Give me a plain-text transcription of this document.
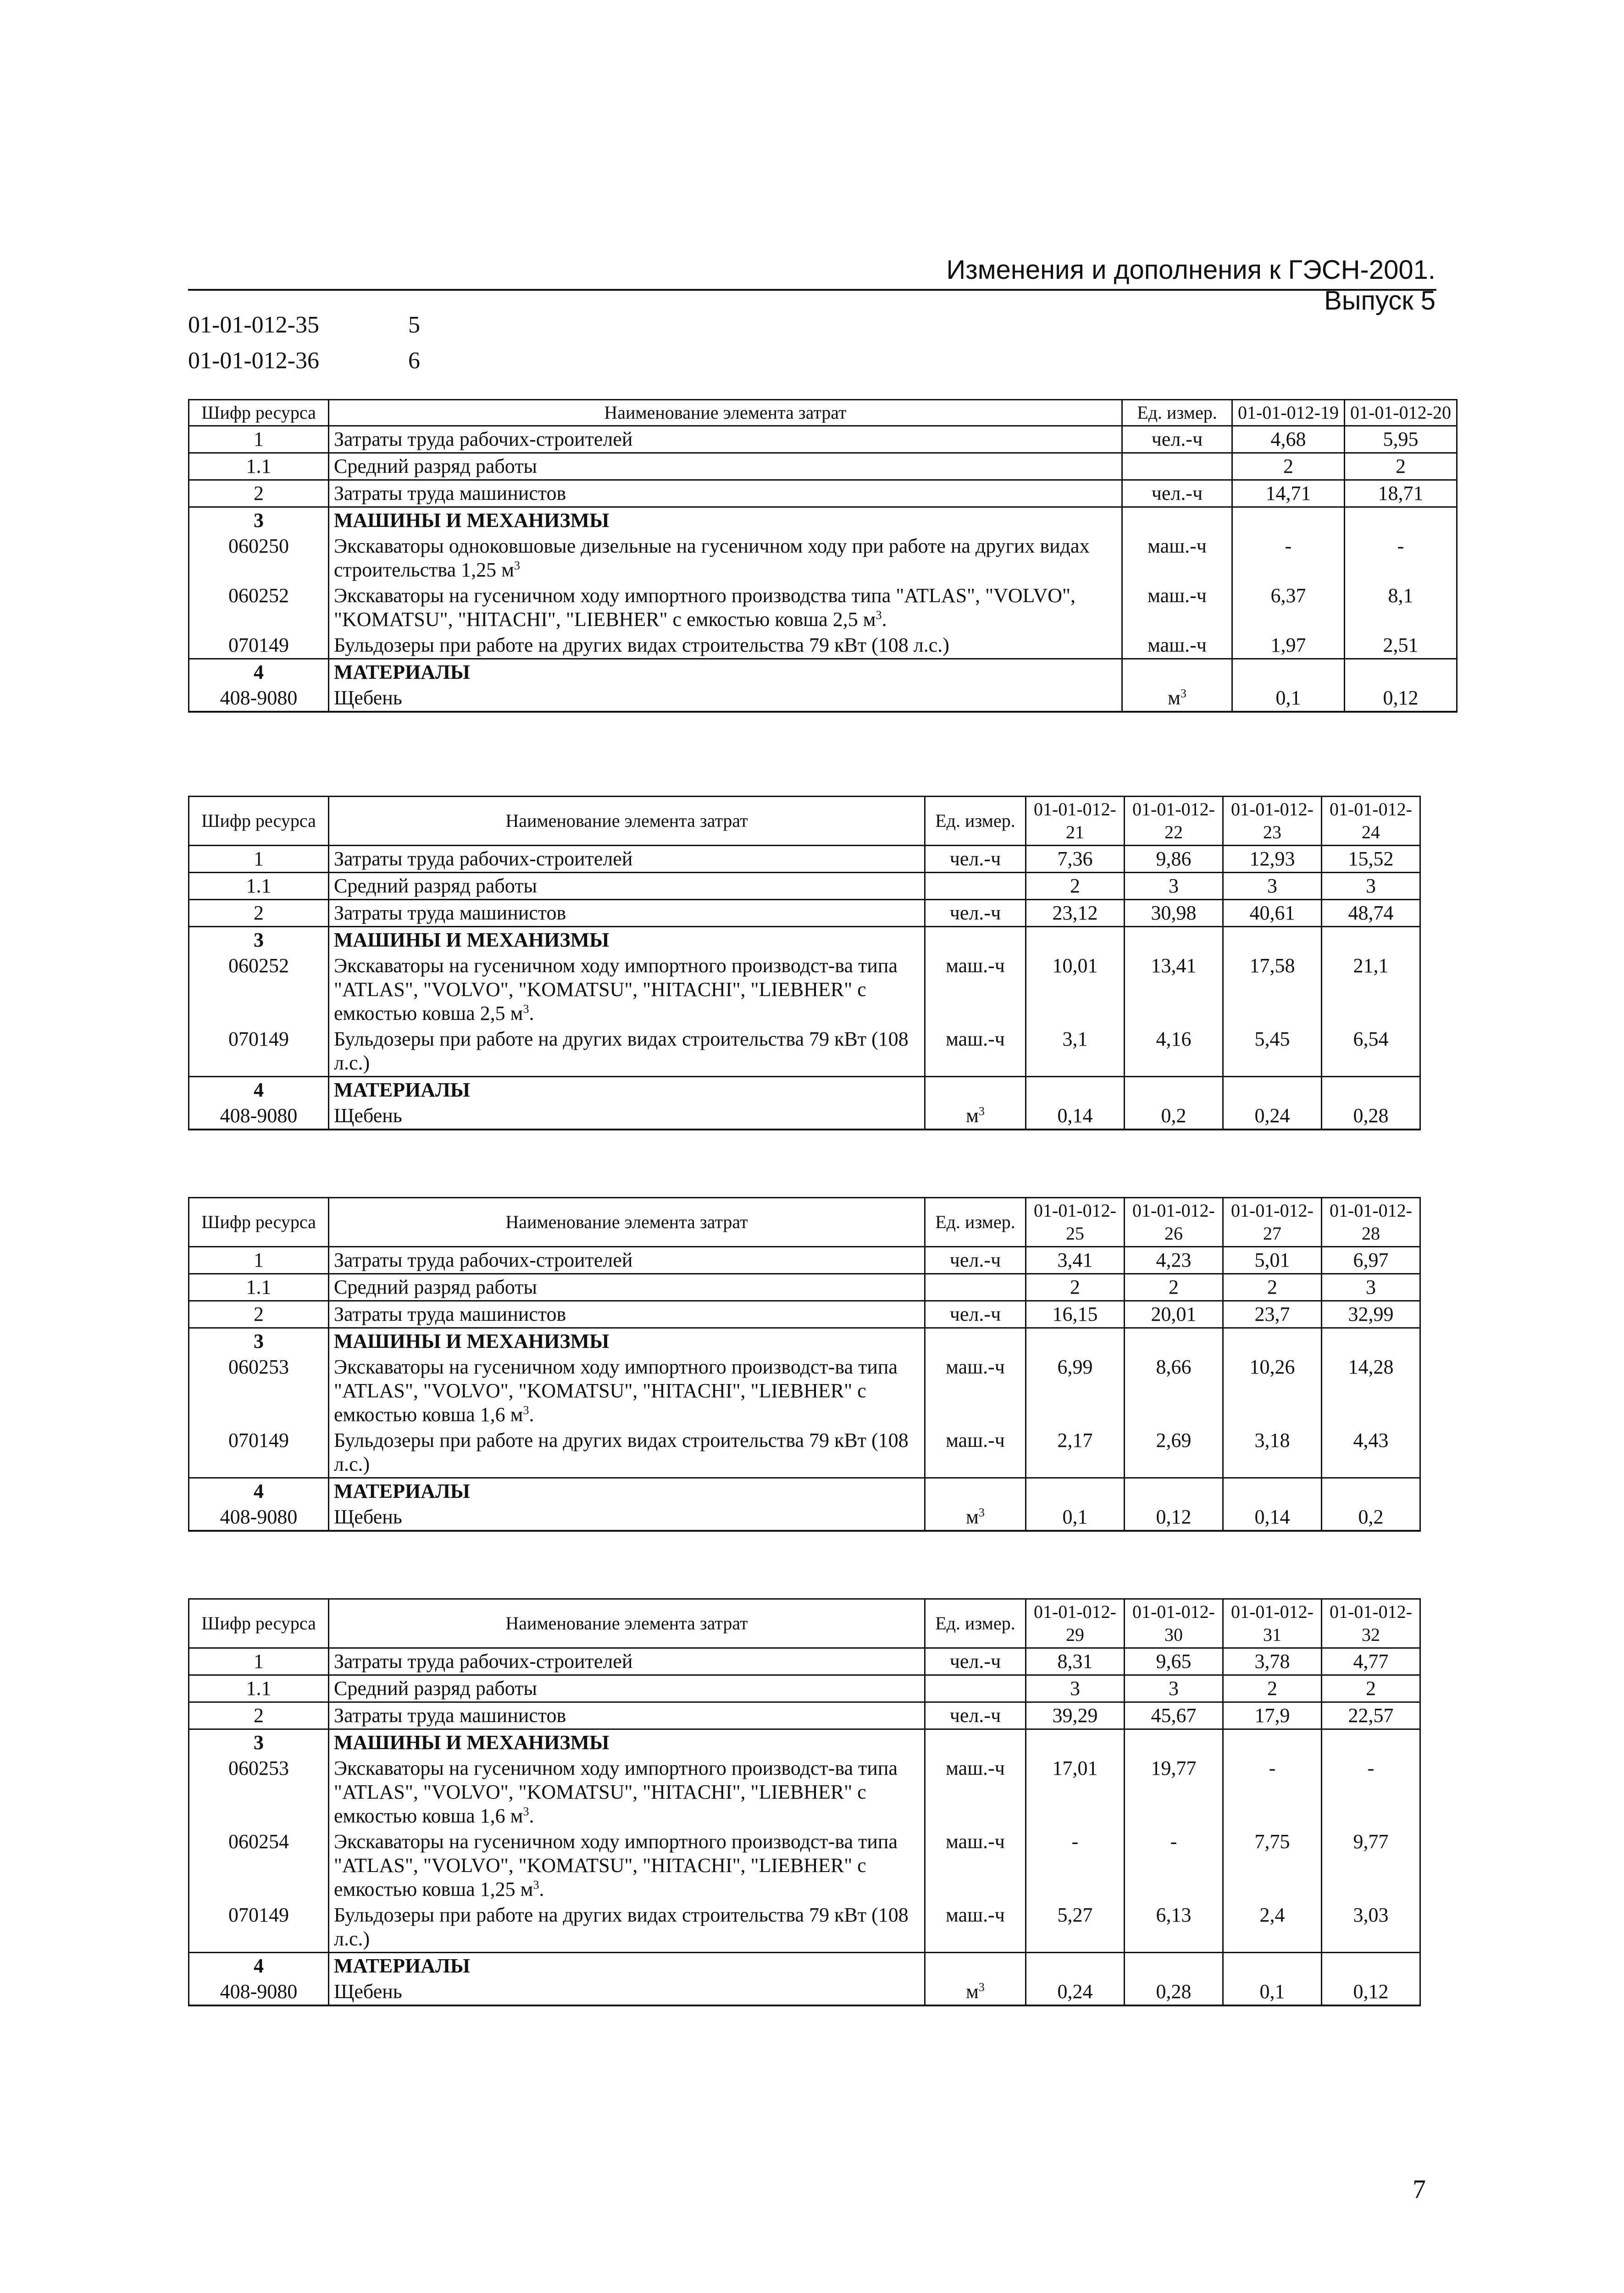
Изменения и дополнения к ГЭСН-2001. Выпуск 5
01-01-012-35	5
01-01-012-36	6
Шифр ресурса	Наименование элемента затрат	Ед. измер.	01-01-012-19	01-01-012-20
1	Затраты труда рабочих-строителей	чел.-ч	4,68	5,95
1.1	Средний разряд работы		2	2
2	Затраты труда машинистов	чел.-ч	14,71	18,71
3	МАШИНЫ И МЕХАНИЗМЫ			
060250	Экскаваторы одноковшовые дизельные на гусеничном ходу при работе на других видах строительства 1,25 $м^3$	маш.-ч	-	-
060252	Экскаваторы на гусеничном ходу импортного производства типа "ATLAS", "VOLVO", "KOMATSU", "HITACHI", "LIEBHER" с емкостью ковша 2,5 $м^3$.	маш.-ч	6,37	8,1
070149	Бульдозеры при работе на других видах строительства 79 кВт (108 л.с.)	маш.-ч	1,97	2,51
4	МАТЕРИАЛЫ			
408-9080	Щебень	$м^3$	0,1	0,12
Шифр ресурса	Наименование элемента затрат	Ед. измер.	01-01-012-21	01-01-012-22	01-01-012-23	01-01-012-24
1	Затраты труда рабочих-строителей	чел.-ч	7,36	9,86	12,93	15,52
1.1	Средний разряд работы		2	3	3	3
2	Затраты труда машинистов	чел.-ч	23,12	30,98	40,61	48,74
3	МАШИНЫ И МЕХАНИЗМЫ					
060252	Экскаваторы на гусеничном ходу импортного производст-ва типа "ATLAS", "VOLVO", "KOMATSU", "HITACHI", "LIEBHER" с емкостью ковша 2,5 $м^3$.	маш.-ч	10,01	13,41	17,58	21,1
070149	Бульдозеры при работе на других видах строительства 79 кВт (108 л.с.)	маш.-ч	3,1	4,16	5,45	6,54
4	МАТЕРИАЛЫ					
408-9080	Щебень	$м^3$	0,14	0,2	0,24	0,28
Шифр ресурса	Наименование элемента затрат	Ед. измер.	01-01-012-25	01-01-012-26	01-01-012-27	01-01-012-28
1	Затраты труда рабочих-строителей	чел.-ч	3,41	4,23	5,01	6,97
1.1	Средний разряд работы		2	2	2	3
2	Затраты труда машинистов	чел.-ч	16,15	20,01	23,7	32,99
3	МАШИНЫ И МЕХАНИЗМЫ					
060253	Экскаваторы на гусеничном ходу импортного производст-ва типа "ATLAS", "VOLVO", "KOMATSU", "HITACHI", "LIEBHER" с емкостью ковша 1,6 $м^3$.	маш.-ч	6,99	8,66	10,26	14,28
070149	Бульдозеры при работе на других видах строительства 79 кВт (108 л.с.)	маш.-ч	2,17	2,69	3,18	4,43
4	МАТЕРИАЛЫ					
408-9080	Щебень	$м^3$	0,1	0,12	0,14	0,2
Шифр ресурса	Наименование элемента затрат	Ед. измер.	01-01-012-29	01-01-012-30	01-01-012-31	01-01-012-32
1	Затраты труда рабочих-строителей	чел.-ч	8,31	9,65	3,78	4,77
1.1	Средний разряд работы		3	3	2	2
2	Затраты труда машинистов	чел.-ч	39,29	45,67	17,9	22,57
3	МАШИНЫ И МЕХАНИЗМЫ					
060253	Экскаваторы на гусеничном ходу импортного производст-ва типа "ATLAS", "VOLVO", "KOMATSU", "HITACHI", "LIEBHER" с емкостью ковша 1,6 $м^3$.	маш.-ч	17,01	19,77	-	-
060254	Экскаваторы на гусеничном ходу импортного производст-ва типа "ATLAS", "VOLVO", "KOMATSU", "HITACHI", "LIEBHER" с емкостью ковша 1,25 $м^3$.	маш.-ч	-	-	7,75	9,77
070149	Бульдозеры при работе на других видах строительства 79 кВт (108 л.с.)	маш.-ч	5,27	6,13	2,4	3,03
4	МАТЕРИАЛЫ					
408-9080	Щебень	$м^3$	0,24	0,28	0,1	0,12
7
